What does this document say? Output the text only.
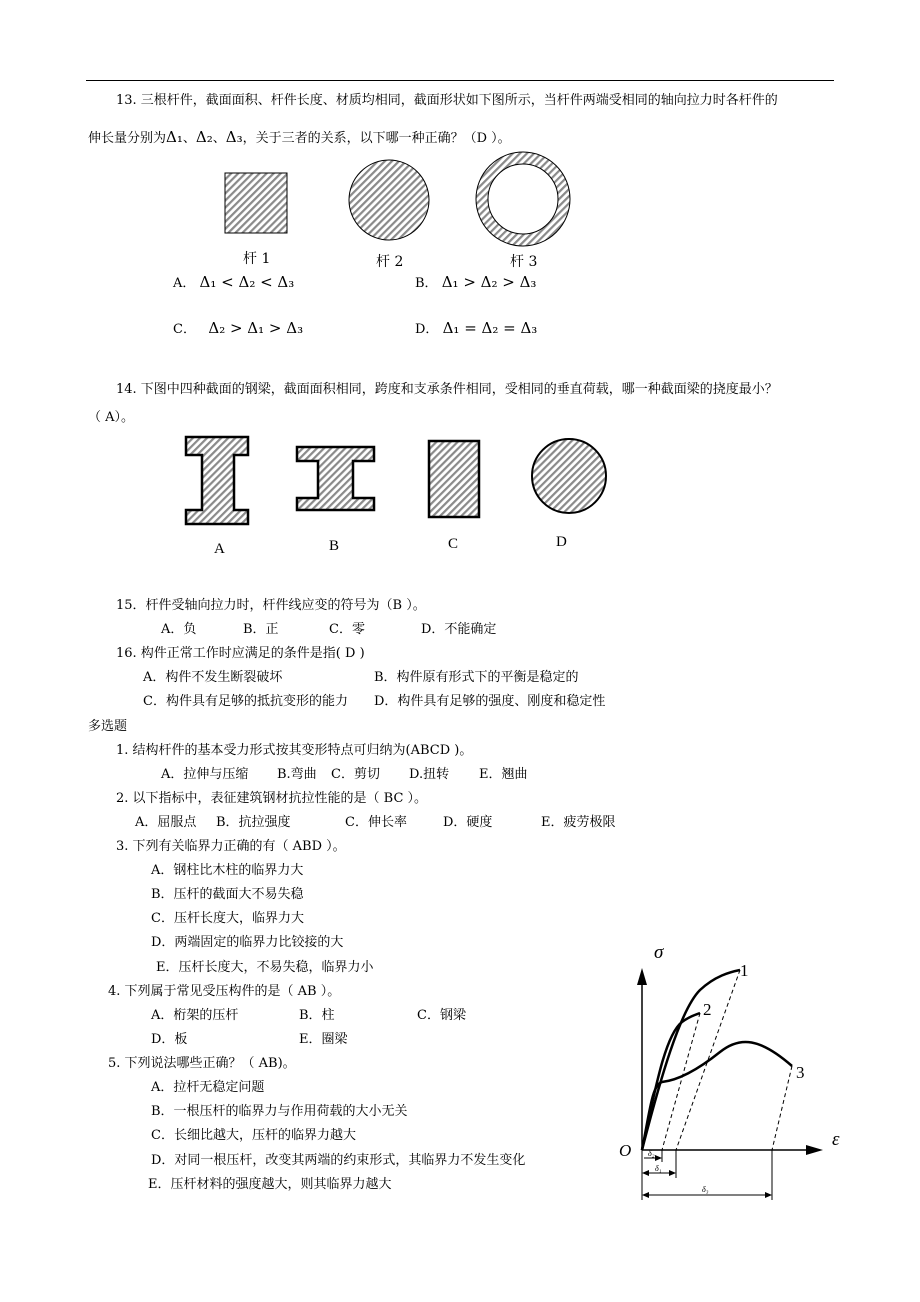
13. 三根杆件，截面面积、杆件长度、材质均相同，截面形状如下图所示，当杆件两端受相同的轴向拉力时各杆件的
伸长量分别为Δ₁、Δ₂、Δ₃，关于三者的关系，以下哪一种正确？（D ）。
σ
ε
O
1
2
3
δ₂
δ₁
δ₃
杆 1	杆 2	杆 3
A． Δ₁ < Δ₂ < Δ₃	B． Δ₁ > Δ₂ > Δ₃
C． Δ₂ > Δ₁ > Δ₃	D． Δ₁ = Δ₂ = Δ₃
14. 下图中四种截面的钢梁，截面面积相同，跨度和支承条件相同，受相同的垂直荷载，哪一种截面梁的挠度最小？
（ A）。
A	B	C	D
15．杆件受轴向拉力时，杆件线应变的符号为（B ）。
A．负	B．正	C．零	D．不能确定
16. 构件正常工作时应满足的条件是指( D )
A．构件不发生断裂破坏	B．构件原有形式下的平衡是稳定的
C．构件具有足够的抵抗变形的能力 D．构件具有足够的强度、刚度和稳定性
多选题
1. 结构杆件的基本受力形式按其变形特点可归纳为(ABCD )。
A．拉伸与压缩 B.弯曲 C．剪切 D.扭转 E．翘曲
2. 以下指标中，表征建筑钢材抗拉性能的是（ BC ）。
A．屈服点 B．抗拉强度	C．伸长率	D．硬度	E．疲劳极限
3. 下列有关临界力正确的有（ ABD ）。
A．钢柱比木柱的临界力大
B．压杆的截面大不易失稳
C．压杆长度大，临界力大
D．两端固定的临界力比铰接的大
E．压杆长度大，不易失稳，临界力小
4. 下列属于常见受压构件的是（ AB ）。
A．桁架的压杆	B．柱	C．钢梁
D．板	E．圈梁
5. 下列说法哪些正确？（ AB)。
A．拉杆无稳定问题
B．一根压杆的临界力与作用荷载的大小无关
C．长细比越大，压杆的临界力越大
D．对同一根压杆，改变其两端的约束形式，其临界力不发生变化
E．压杆材料的强度越大，则其临界力越大
